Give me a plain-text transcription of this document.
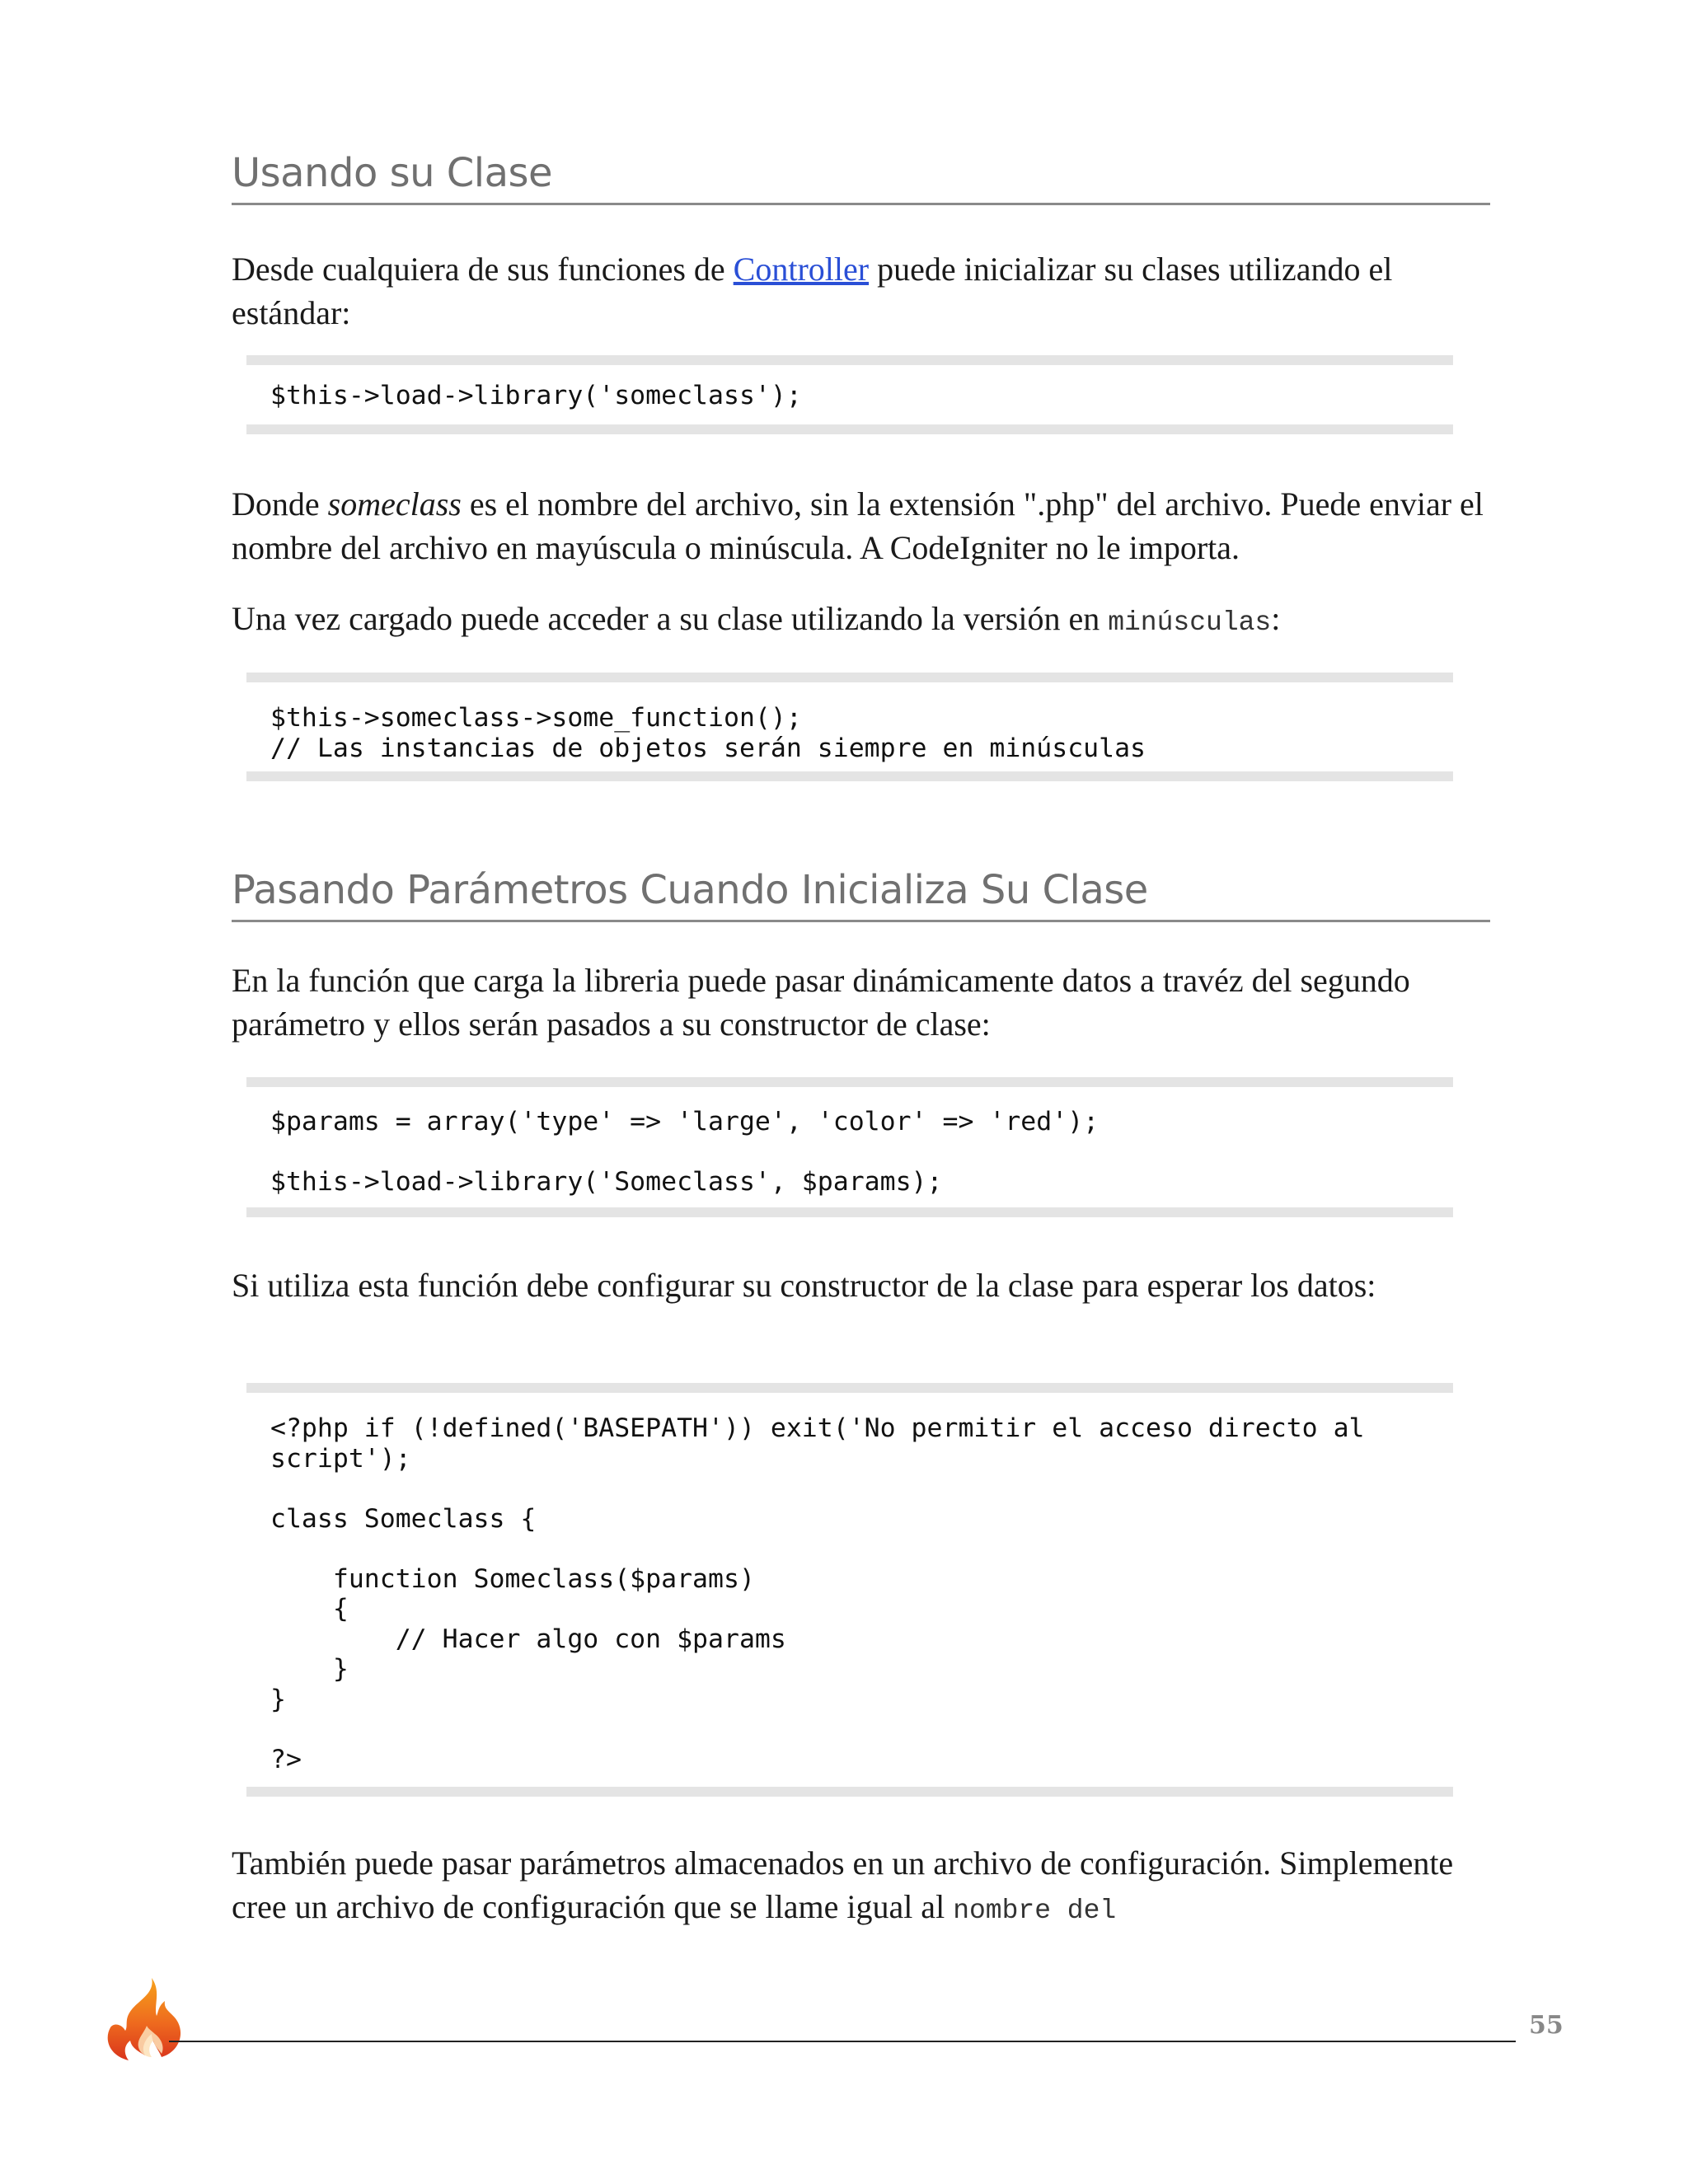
Usando su Clase

Desde cualquiera de sus funciones de Controller puede inicializar su clases utilizando el estándar:

$this->load->library('someclass');

Donde someclass es el nombre del archivo, sin la extensión ".php" del archivo. Puede enviar el nombre del archivo en mayúscula o minúscula. A CodeIgniter no le importa.

Una vez cargado puede acceder a su clase utilizando la versión en minúsculas:

$this->someclass->some_function();
// Las instancias de objetos serán siempre en minúsculas
Pasando Parámetros Cuando Inicializa Su Clase

En la función que carga la libreria puede pasar dinámicamente datos a travéz del segundo parámetro y ellos serán pasados a su constructor de clase:

$params = array('type' => 'large', 'color' => 'red');

$this->load->library('Someclass', $params);

Si utiliza esta función debe configurar su constructor de la clase para esperar los datos:

<?php if (!defined('BASEPATH')) exit('No permitir el acceso directo al
script');

class Someclass {

function Someclass($params)
{
// Hacer algo con $params
}
}

?>

También puede pasar parámetros almacenados en un archivo de configuración. Simplemente cree un archivo de configuración que se llame igual al nombre del

55
